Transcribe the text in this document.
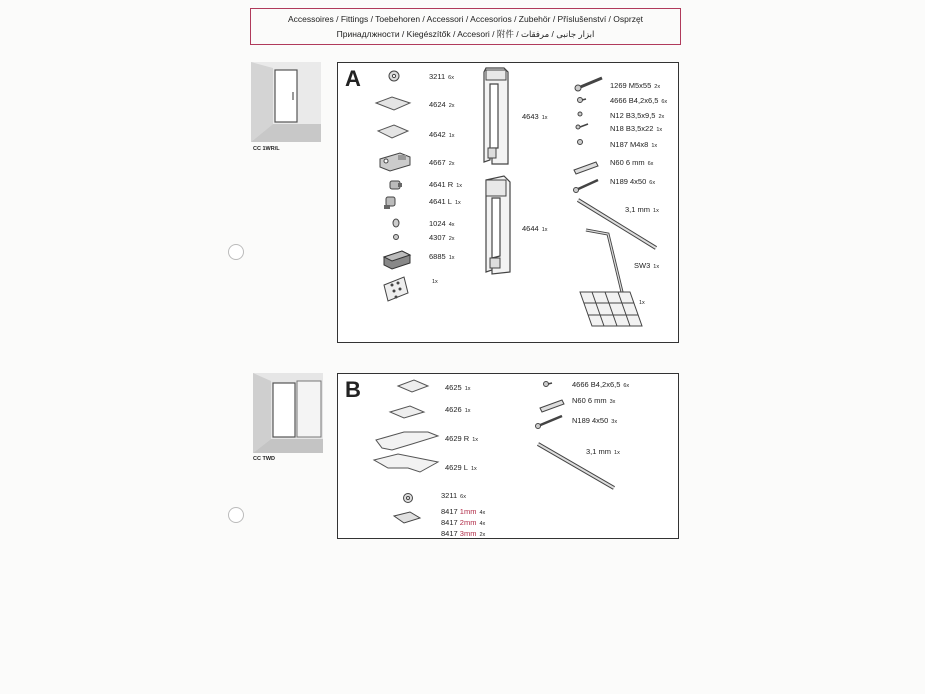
Accessoires / Fittings / Toebehoren / Accessori / Accesorios / Zubehör / Příslušenství / Osprzęt
Принадлжности / Kiegészítők / Accesori / 附件 / ابزار جانبی / مرفقات
CC 1WR/L
CC TWD
A	3211 6x
4624 2x
4642 1x
4667 2x
4641 R 1x
4641 L 1x
1024 4x
4307 2x
6885 1x
1x
4643 1x
4644 1x
1269 M5x55 2x
4666 B4,2x6,5 6x
N12 B3,5x9,5 2x
N18 B3,5x22 1x
N187 M4x8 1x
N60 6 mm 6x
N189 4x50 6x
3,1 mm 1x
SW3 1x
1x
B	4625 1x
4626 1x
4629 R 1x
4629 L 1x
3211 6x
8417 1mm 4x
8417 2mm 4x
8417 3mm 2x
4666 B4,2x6,5 6x
N60 6 mm 3x
N189 4x50 3x
3,1 mm 1x
